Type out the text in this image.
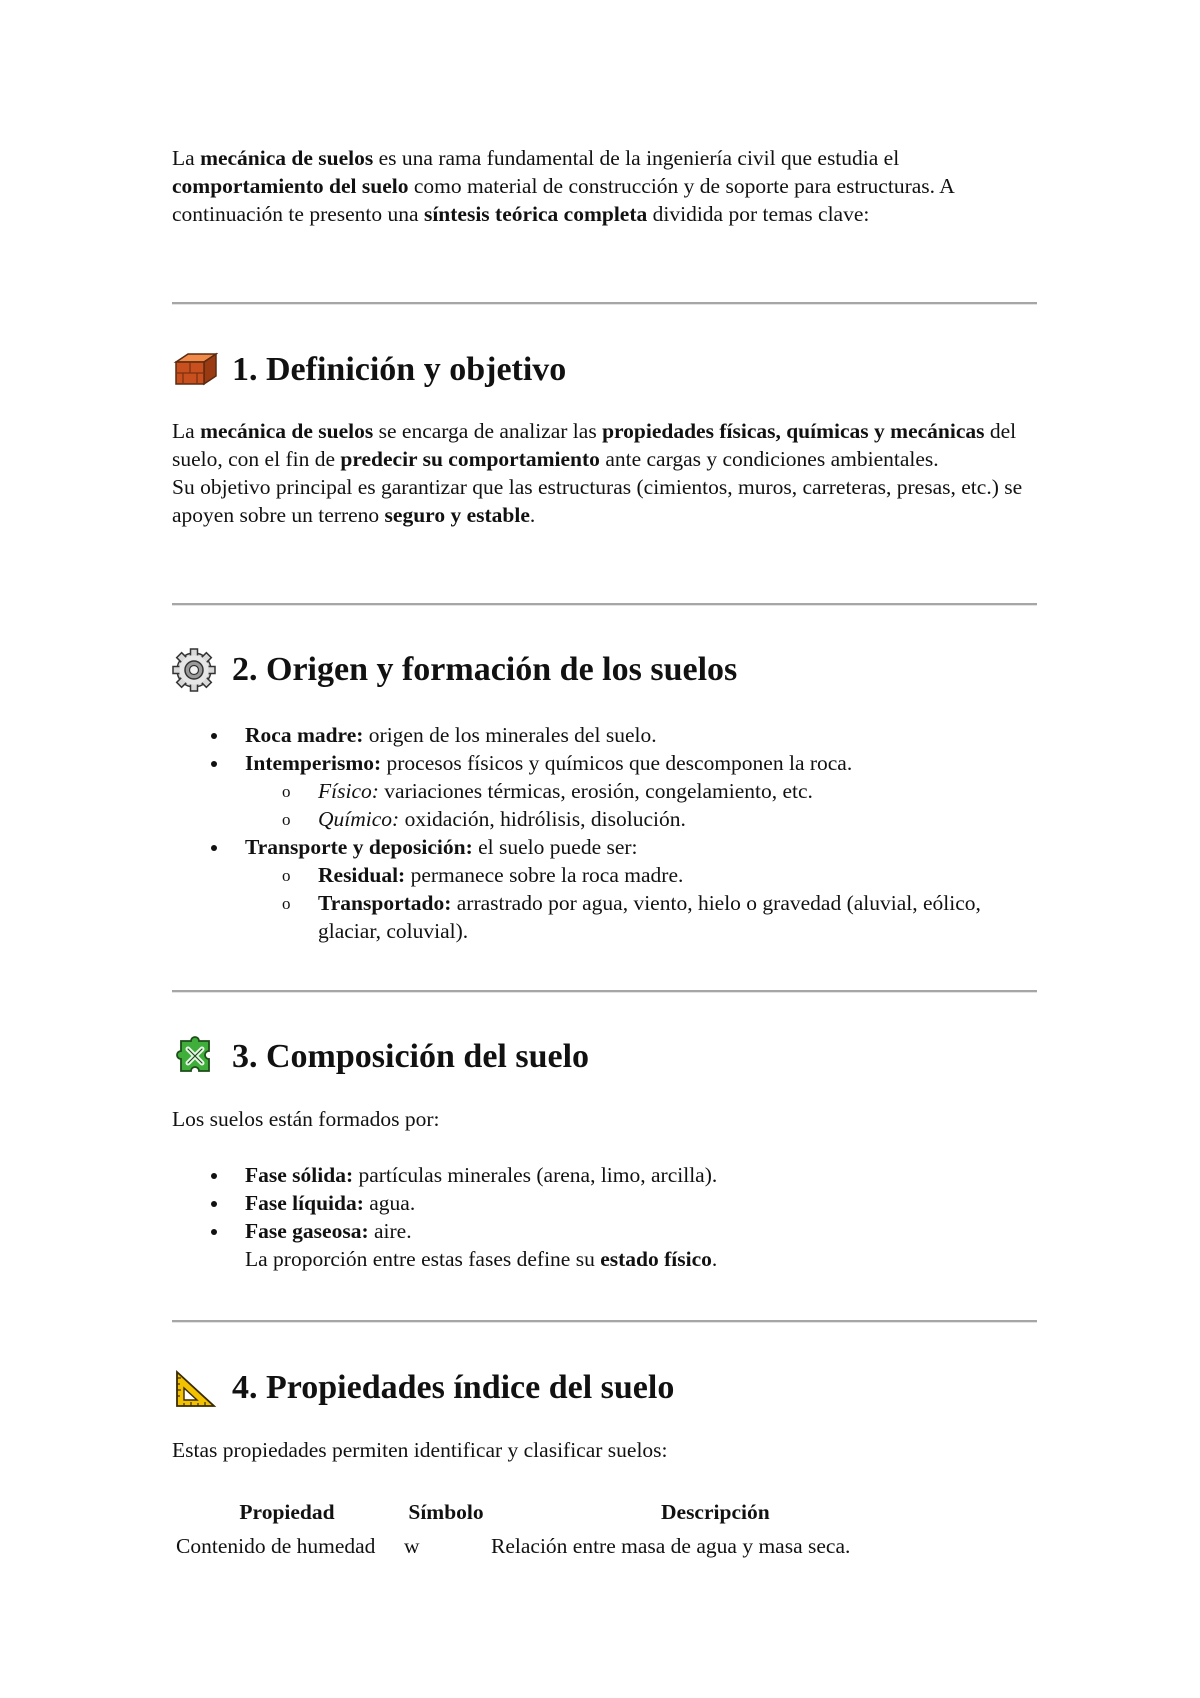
La mecánica de suelos es una rama fundamental de la ingeniería civil que estudia el comportamiento del suelo como material de construcción y de soporte para estructuras. A continuación te presento una síntesis teórica completa dividida por temas clave:

1. Definición y objetivo

La mecánica de suelos se encarga de analizar las propiedades físicas, químicas y mecánicas del suelo, con el fin de predecir su comportamiento ante cargas y condiciones ambientales.

Su objetivo principal es garantizar que las estructuras (cimientos, muros, carreteras, presas, etc.) se apoyen sobre un terreno seguro y estable.

2. Origen y formación de los suelos
Roca madre: origen de los minerales del suelo.
Intemperismo: procesos físicos y químicos que descomponen la roca.
o Físico: variaciones térmicas, erosión, congelamiento, etc.
o Químico: oxidación, hidrólisis, disolución.
Transporte y deposición: el suelo puede ser:
o Residual: permanece sobre la roca madre.
o Transportado: arrastrado por agua, viento, hielo o gravedad (aluvial, eólico, glaciar, coluvial).
3. Composición del suelo

Los suelos están formados por:

Fase sólida: partículas minerales (arena, limo, arcilla).
Fase líquida: agua.
Fase gaseosa: aire.
La proporción entre estas fases define su estado físico.
4. Propiedades índice del suelo

Estas propiedades permiten identificar y clasificar suelos:

Propiedad	Símbolo	Descripción
Contenido de humedad	w	Relación entre masa de agua y masa seca.
